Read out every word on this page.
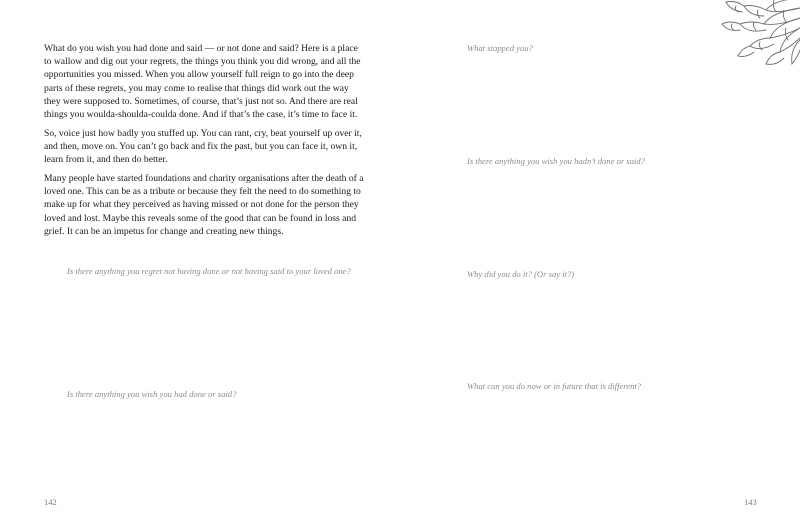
What do you wish you had done and said — or not done and said? Here is a place to wallow and dig out your regrets, the things you think you did wrong, and all the opportunities you missed. When you allow yourself full reign to go into the deep parts of these regrets, you may come to realise that things did work out the way they were supposed to. Sometimes, of course, that’s just not so. And there are real things you woulda-shoulda-coulda done. And if that’s the case, it’s time to face it.

So, voice just how badly you stuffed up. You can rant, cry, beat yourself up over it, and then, move on. You can’t go back and fix the past, but you can face it, own it, learn from it, and then do better.

Many people have started foundations and charity organisations after the death of a loved one. This can be as a tribute or because they felt the need to do something to make up for what they perceived as having missed or not done for the person they loved and lost. Maybe this reveals some of the good that can be found in loss and grief. It can be an impetus for change and creating new things.

Is there anything you regret not having done or not having said to your loved one?

Is there anything you wish you had done or said?

142

What stopped you?

Is there anything you wish you hadn’t done or said?

Why did you do it? (Or say it?)

What can you do now or in future that is different?

143
